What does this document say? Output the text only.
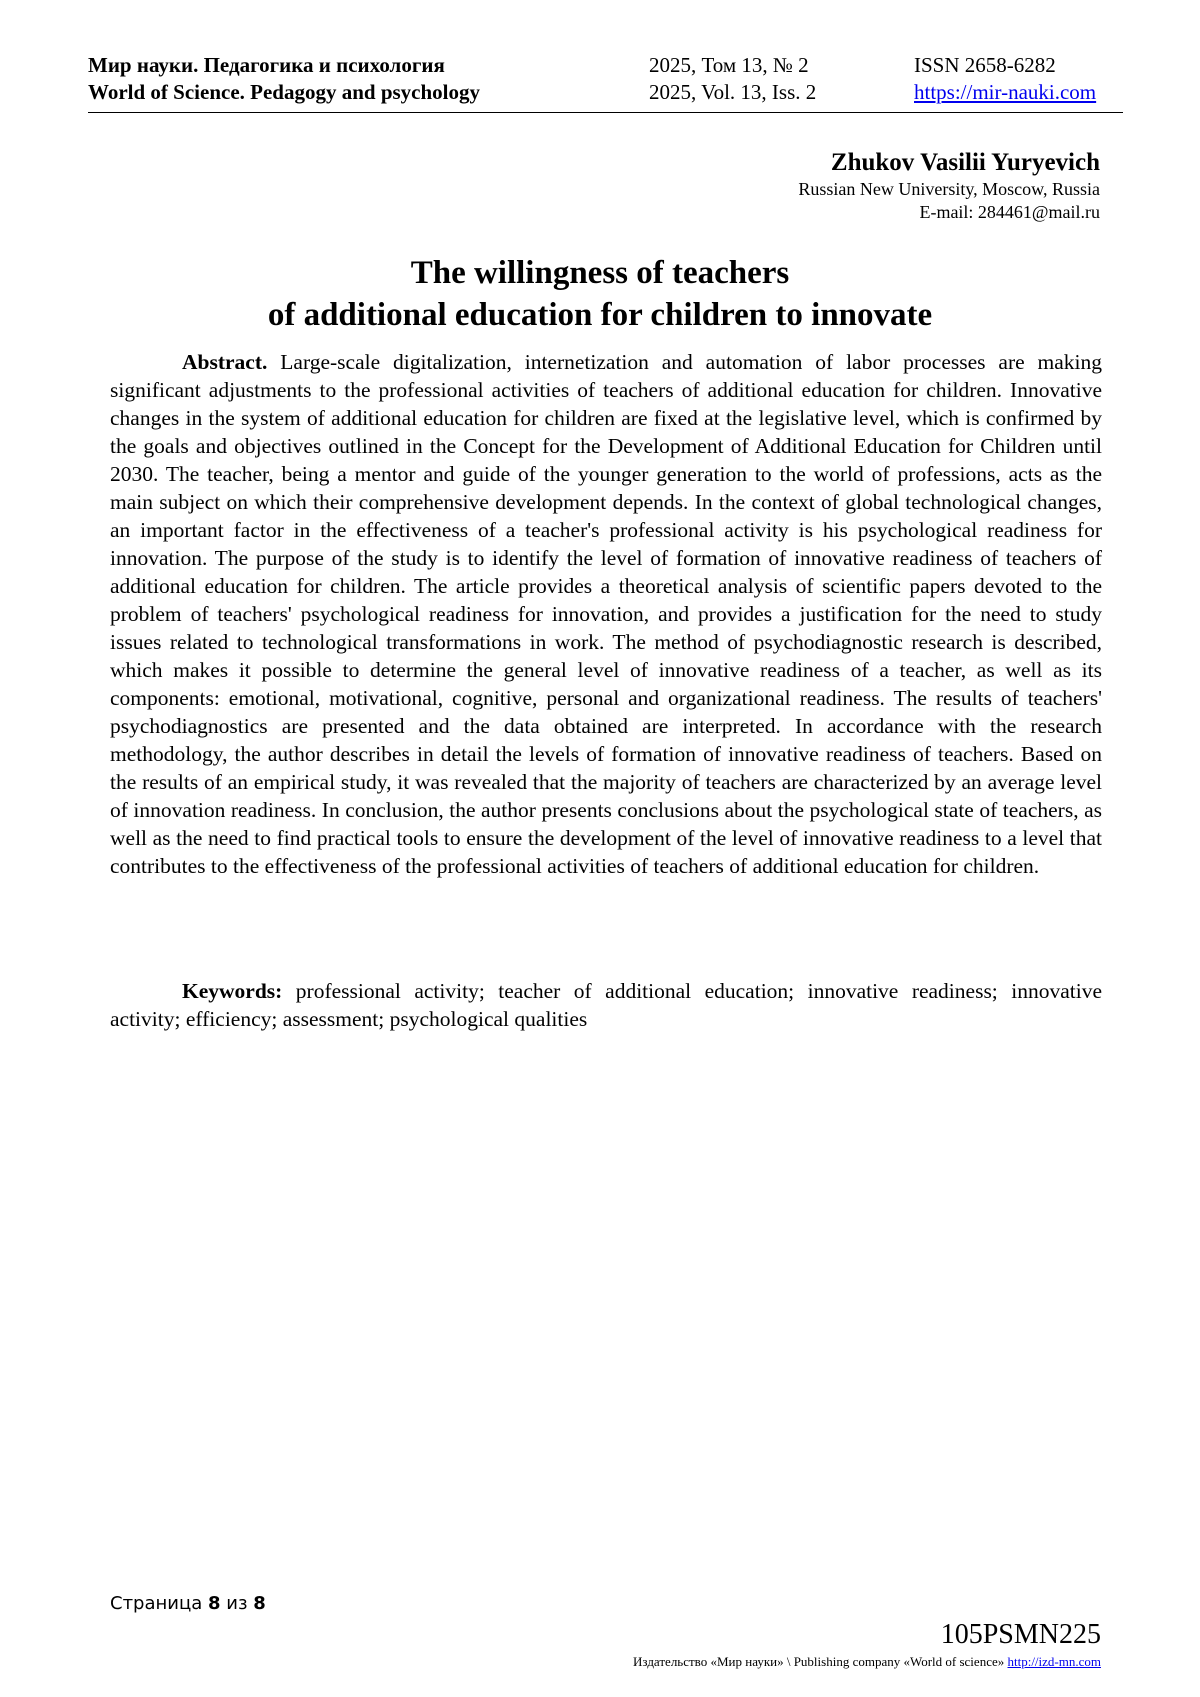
Мир науки. Педагогика и психология
World of Science. Pedagogy and psychology
2025, Том 13, № 2
2025, Vol. 13, Iss. 2
ISSN 2658-6282
https://mir-nauki.com
Zhukov Vasilii Yuryevich
Russian New University, Moscow, Russia
E-mail: 284461@mail.ru
The willingness of teachers
of additional education for children to innovate

Abstract. Large-scale digitalization, internetization and automation of labor processes are making significant adjustments to the professional activities of teachers of additional education for children. Innovative changes in the system of additional education for children are fixed at the legislative level, which is confirmed by the goals and objectives outlined in the Concept for the Development of Additional Education for Children until 2030. The teacher, being a mentor and guide of the younger generation to the world of professions, acts as the main subject on which their comprehensive development depends. In the context of global technological changes, an important factor in the effectiveness of a teacher's professional activity is his psychological readiness for innovation. The purpose of the study is to identify the level of formation of innovative readiness of teachers of additional education for children. The article provides a theoretical analysis of scientific papers devoted to the problem of teachers' psychological readiness for innovation, and provides a justification for the need to study issues related to technological transformations in work. The method of psychodiagnostic research is described, which makes it possible to determine the general level of innovative readiness of a teacher, as well as its components: emotional, motivational, cognitive, personal and organizational readiness. The results of teachers' psychodiagnostics are presented and the data obtained are interpreted. In accordance with the research methodology, the author describes in detail the levels of formation of innovative readiness of teachers. Based on the results of an empirical study, it was revealed that the majority of teachers are characterized by an average level of innovation readiness. In conclusion, the author presents conclusions about the psychological state of teachers, as well as the need to find practical tools to ensure the development of the level of innovative readiness to a level that contributes to the effectiveness of the professional activities of teachers of additional education for children.

Keywords: professional activity; teacher of additional education; innovative readiness; innovative activity; efficiency; assessment; psychological qualities

Страница 8 из 8
105PSMN225
Издательство «Мир науки» \ Publishing company «World of science» http://izd-mn.com
